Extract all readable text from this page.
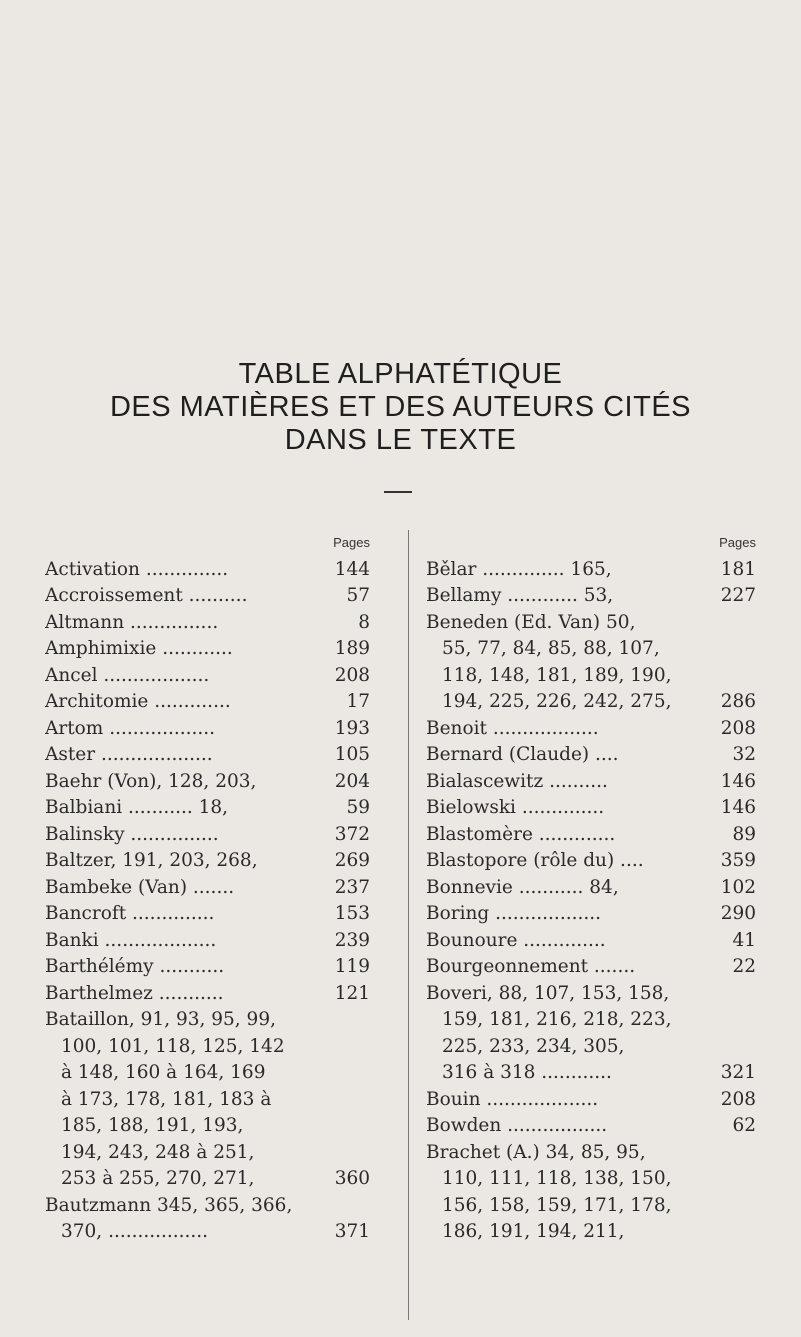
TABLE ALPHATÉTIQUE
DES MATIÈRES ET DES AUTEURS CITÉS
DANS LE TEXTE
Pages
Activation ..............	144
Accroissement ..........	57
Altmann ...............	8
Amphimixie ............	189
Ancel ..................	208
Architomie .............	17
Artom ..................	193
Aster ...................	105
Baehr (Von), 128, 203,	204
Balbiani ........... 18,	59
Balinsky ...............	372
Baltzer, 191, 203, 268,	269
Bambeke (Van) .......	237
Bancroft ..............	153
Banki ...................	239
Barthélémy ...........	119
Barthelmez ...........	121
Bataillon, 91, 93, 95, 99,
100, 101, 118, 125, 142
à 148, 160 à 164, 169
à 173, 178, 181, 183 à
185, 188, 191, 193,
194, 243, 248 à 251,
253 à 255, 270, 271,	360
Bautzmann 345, 365, 366,
370, .................	371
Pages
Bělar .............. 165,	181
Bellamy ............ 53,	227
Beneden (Ed. Van) 50,
55, 77, 84, 85, 88, 107,
118, 148, 181, 189, 190,
194, 225, 226, 242, 275,	286
Benoit ..................	208
Bernard (Claude) ....	32
Bialascewitz ..........	146
Bielowski ..............	146
Blastomère .............	89
Blastopore (rôle du) ....	359
Bonnevie ........... 84,	102
Boring ..................	290
Bounoure ..............	41
Bourgeonnement .......	22
Boveri, 88, 107, 153, 158,
159, 181, 216, 218, 223,
225, 233, 234, 305,
316 à 318 ............	321
Bouin ...................	208
Bowden .................	62
Brachet (A.) 34, 85, 95,
110, 111, 118, 138, 150,
156, 158, 159, 171, 178,
186, 191, 194, 211,
